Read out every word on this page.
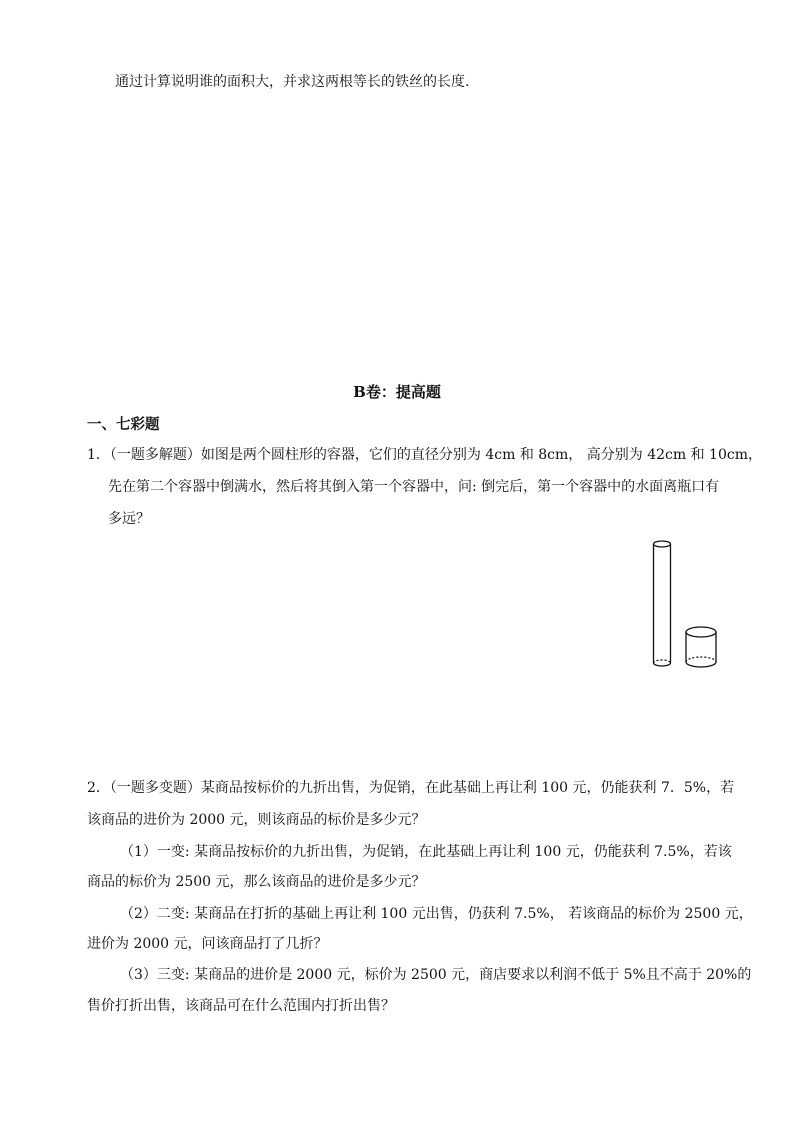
通过计算说明谁的面积大，并求这两根等长的铁丝的长度.
B卷：提高题
一、七彩题
1．（一题多解题）如图是两个圆柱形的容器，它们的直径分别为 4cm 和 8cm， 高分别为 42cm 和 10cm，
先在第二个容器中倒满水，然后将其倒入第一个容器中，问: 倒完后，第一个容器中的水面离瓶口有
多远？
2．（一题多变题）某商品按标价的九折出售，为促销，在此基础上再让利 100 元，仍能获利 7．5%，若
该商品的进价为 2000 元，则该商品的标价是多少元？
（1）一变: 某商品按标价的九折出售，为促销，在此基础上再让利 100 元，仍能获利 7.5%，若该
商品的标价为 2500 元，那么该商品的进价是多少元？
（2）二变: 某商品在打折的基础上再让利 100 元出售，仍获利 7.5%， 若该商品的标价为 2500 元，
进价为 2000 元，问该商品打了几折？
（3）三变: 某商品的进价是 2000 元，标价为 2500 元，商店要求以利润不低于 5%且不高于 20%的
售价打折出售，该商品可在什么范围内打折出售？
